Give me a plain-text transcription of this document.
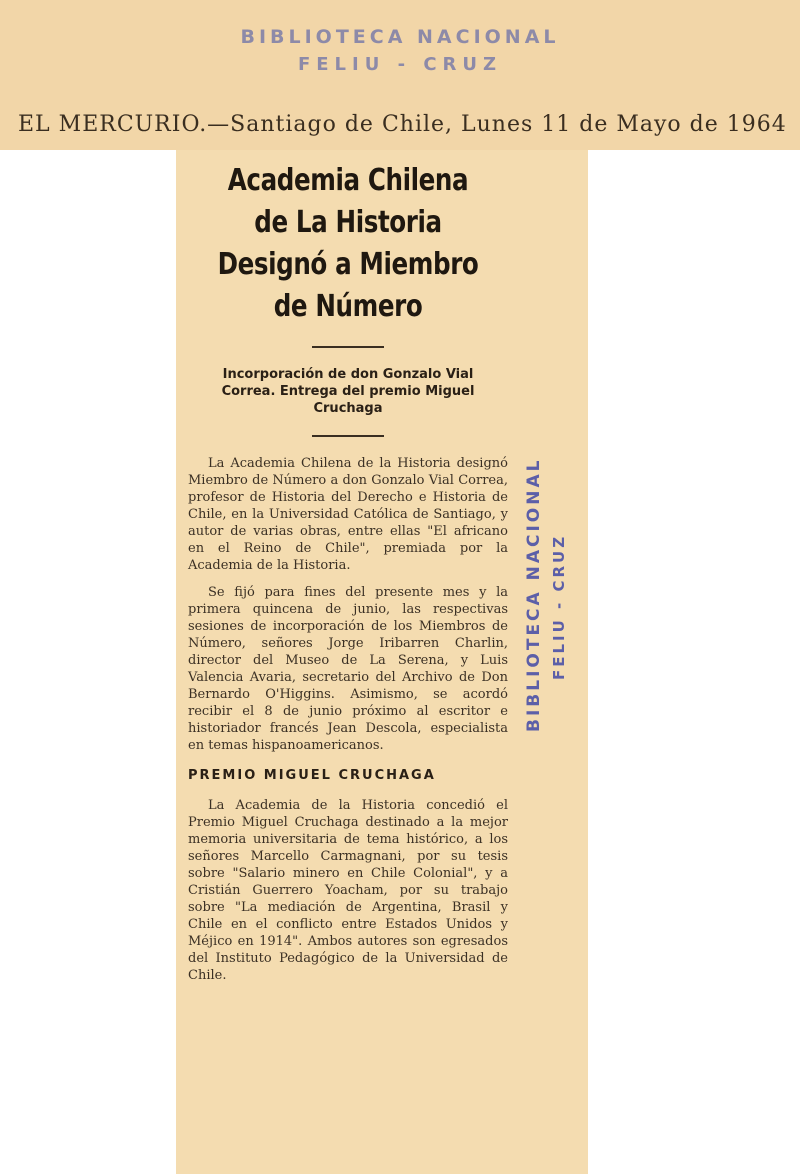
BIBLIOTECA NACIONAL
FELIU - CRUZ
EL MERCURIO.—Santiago de Chile, Lunes 11 de Mayo de 1964
Academia Chilena de La Historia Designó a Miembro de Número

Incorporación de don Gonzalo Vial Correa. Entrega del premio Miguel Cruchaga

La Academia Chilena de la Historia designó Miembro de Número a don Gonzalo Vial Correa, profesor de Historia del Derecho e Historia de Chile, en la Universidad Católica de Santiago, y autor de varias obras, entre ellas "El africano en el Reino de Chile", premiada por la Academia de la Historia.

Se fijó para fines del presente mes y la primera quincena de junio, las respectivas sesiones de incorporación de los Miembros de Número, señores Jorge Iribarren Charlin, director del Museo de La Serena, y Luis Valencia Avaria, secretario del Archivo de Don Bernardo O'Higgins. Asimismo, se acordó recibir el 8 de junio próximo al escritor e historiador francés Jean Descola, especialista en temas hispanoamericanos.

PREMIO MIGUEL CRUCHAGA

La Academia de la Historia concedió el Premio Miguel Cruchaga destinado a la mejor memoria universitaria de tema histórico, a los señores Marcello Carmagnani, por su tesis sobre "Salario minero en Chile Colonial", y a Cristián Guerrero Yoacham, por su trabajo sobre "La mediación de Argentina, Brasil y Chile en el conflicto entre Estados Unidos y Méjico en 1914". Ambos autores son egresados del Instituto Pedagógico de la Universidad de Chile.

BIBLIOTECA NACIONAL FELIU - CRUZ
